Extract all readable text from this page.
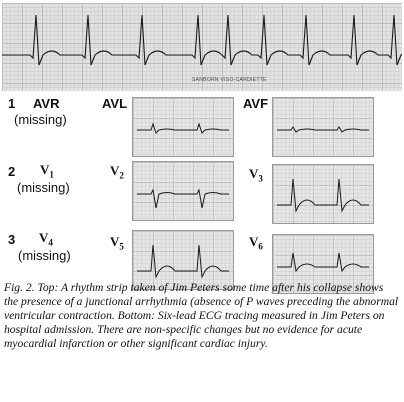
SANBORN VISO-CARDIETTE
1 AVR
(missing)
AVL	AVF
2 $V_1$
(missing)
$V_2$	$V_3$
3 $V_4$
(missing)
$V_5$	$V_6$
Fig. 2. Top: A rhythm strip taken of Jim Peters some time after his collapse shows the presence of a junctional arrhythmia (absence of P waves preceding the abnormal ventricular contraction. Bottom: Six-lead ECG tracing measured in Jim Peters on hospital admission. There are non-specific changes but no evidence for acute myocardial infarction or other significant cardiac injury.
